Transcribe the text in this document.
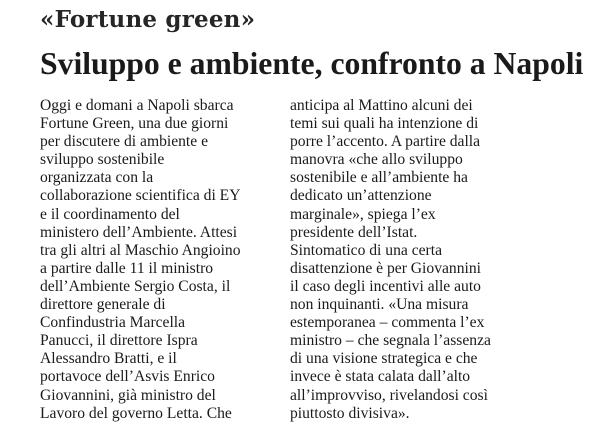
«Fortune green»
Sviluppo e ambiente, confronto a Napoli
Oggi e domani a Napoli sbarca
Fortune Green, una due giorni
per discutere di ambiente e
sviluppo sostenibile
organizzata con la
collaborazione scientifica di EY
e il coordinamento del
ministero dell’Ambiente. Attesi
tra gli altri al Maschio Angioino
a partire dalle 11 il ministro
dell’Ambiente Sergio Costa, il
direttore generale di
Confindustria Marcella
Panucci, il direttore Ispra
Alessandro Bratti, e il
portavoce dell’Asvis Enrico
Giovannini, già ministro del
Lavoro del governo Letta. Che
anticipa al Mattino alcuni dei
temi sui quali ha intenzione di
porre l’accento. A partire dalla
manovra «che allo sviluppo
sostenibile e all’ambiente ha
dedicato un’attenzione
marginale», spiega l’ex
presidente dell’Istat.
Sintomatico di una certa
disattenzione è per Giovannini
il caso degli incentivi alle auto
non inquinanti. «Una misura
estemporanea – commenta l’ex
ministro – che segnala l’assenza
di una visione strategica e che
invece è stata calata dall’alto
all’improvviso, rivelandosi così
piuttosto divisiva».
